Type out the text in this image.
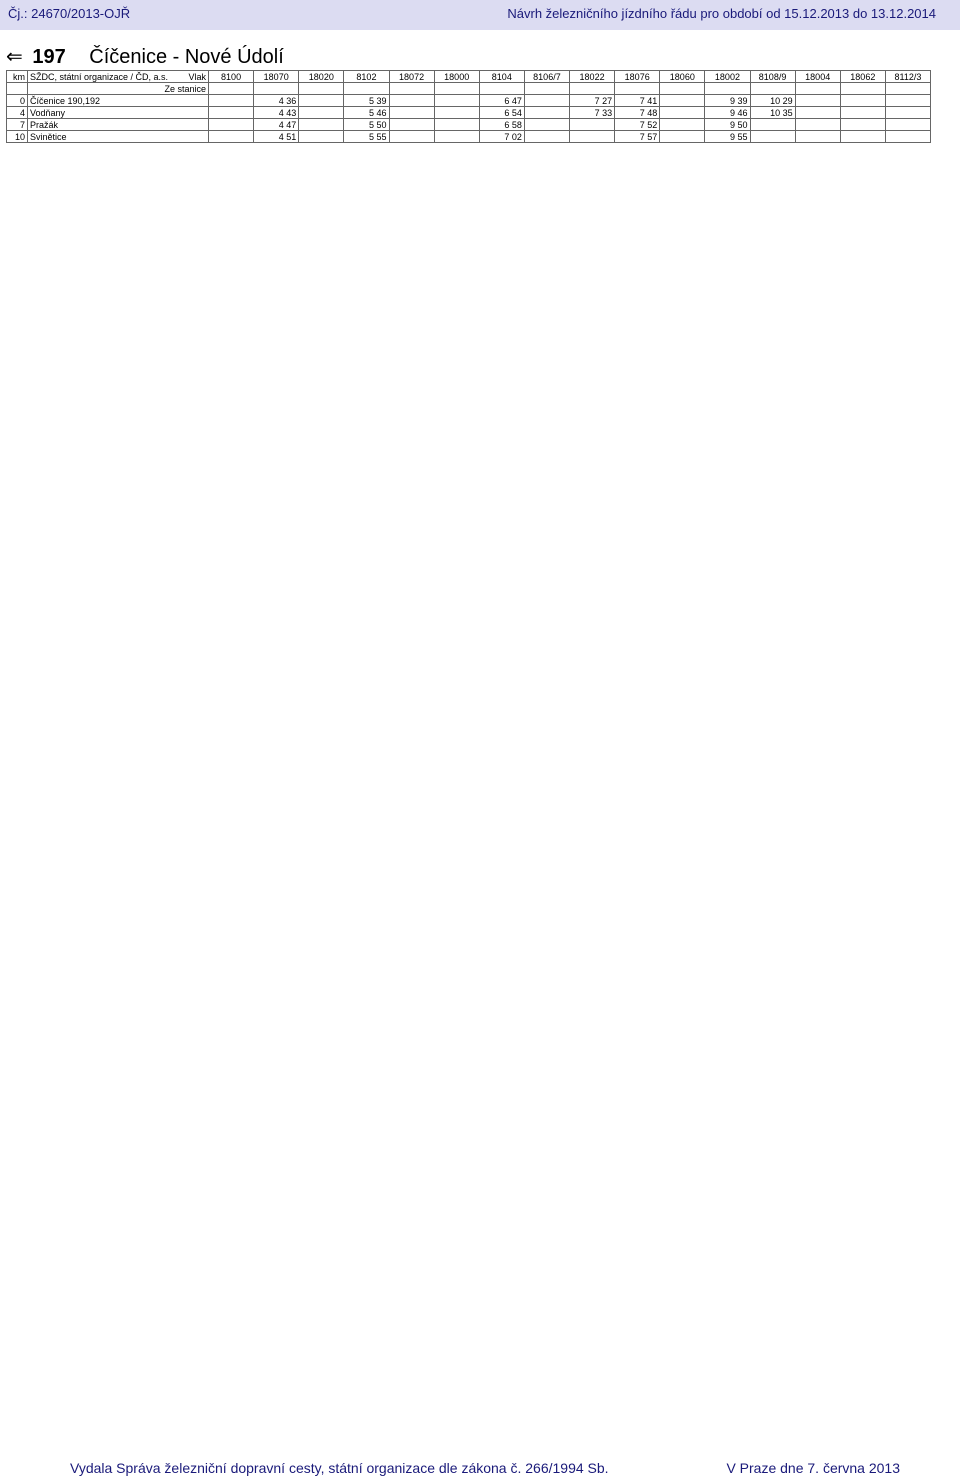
Čj.: 24670/2013-OJŘ	Návrh železničního jízdního řádu pro období od 15.12.2013 do 13.12.2014
⇐ 197 Číčenice - Nové Údolí
km	SŽDC, státní organizace / ČD, a.s. Vlak	8100	18070	18020	8102	18072	18000	8104	8106/7	18022	18076	18060	18002	8108/9	18004	18062	8112/3
	Ze stanice																
0	Číčenice 190,192		4 36		5 39			6 47		7 27	7 41		9 39	10 29			
4	Vodňany		4 43		5 46			6 54		7 33	7 48		9 46	10 35			
7	Pražák		4 47		5 50			6 58			7 52		9 50				
10	Svinětice		4 51		5 55			7 02			7 57		9 55				
Vydala Správa železniční dopravní cesty, státní organizace dle zákona č. 266/1994 Sb.	V Praze dne 7. června 2013
